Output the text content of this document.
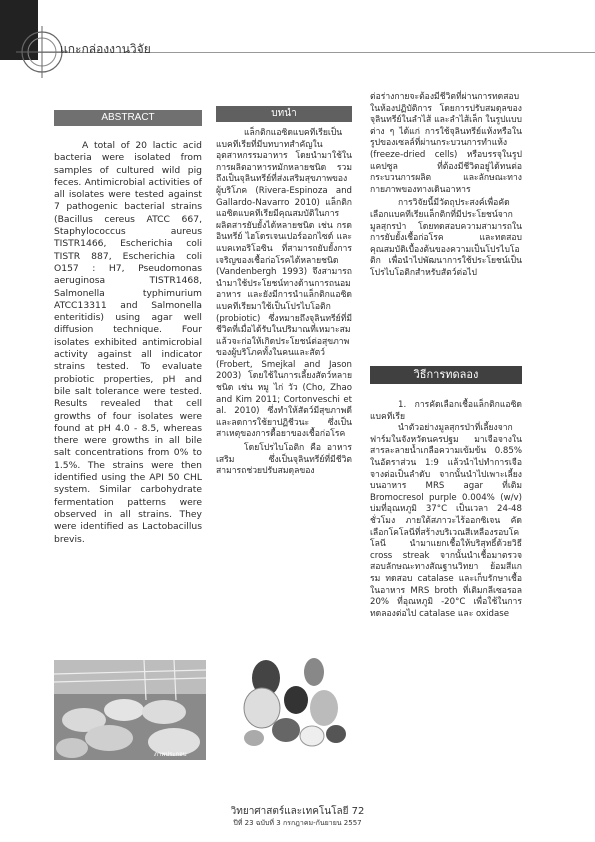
แกะกล่องงานวิจัย
ABSTRACT

A total of 20 lactic acid bacteria were isolated from samples of cultured wild pig feces. Antimicrobial activities of all isolates were tested against 7 pathogenic bacterial strains (Bacillus cereus ATCC 667, Staphylococcus aureus TISTR1466, Escherichia coli TISTR 887, Escherichia coli O157 : H7, Pseudomonas aeruginosa TISTR1468, Salmonella typhimurium ATCC13311 and Salmonella enteritidis) using agar well diffusion technique. Four isolates exhibited antimicrobial activity against all indicator strains tested. To evaluate probiotic properties, pH and bile salt tolerance were tested. Results revealed that cell growths of four isolates were found at pH 4.0 - 8.5, whereas there were growths in all bile salt concentrations from 0% to 1.5%. The strains were then identified using the API 50 CHL system. Similar carbohydrate fermentation patterns were observed in all strains. They were identified as Lactobacillus brevis.

บทนำ

แล็กติกแอซิดแบคทีเรียเป็นแบคทีเรียที่มีบทบาทสำคัญในอุตสาหกรรมอาหาร โดยนำมาใช้ในการผลิตอาหารหมักหลายชนิด รวมถึงเป็นจุลินทรีย์ที่ส่งเสริมสุขภาพของผู้บริโภค (Rivera-Espinoza and Gallardo-Navarro 2010) แล็กติกแอซิดแบคทีเรียมีคุณสมบัติในการผลิตสารยับยั้งได้หลายชนิด เช่น กรดอินทรีย์ ไฮโดรเจนเปอร์ออกไซด์ และแบคเทอริโอซิน ที่สามารถยับยั้งการเจริญของเชื้อก่อโรคได้หลายชนิด (Vandenbergh 1993) จึงสามารถนำมาใช้ประโยชน์ทางด้านการถนอมอาหาร และยังมีการนำแล็กติกแอซิดแบคทีเรียมาใช้เป็นโปรไบโอติก (probiotic) ซึ่งหมายถึงจุลินทรีย์ที่มีชีวิตที่เมื่อได้รับในปริมาณที่เหมาะสมแล้วจะก่อให้เกิดประโยชน์ต่อสุขภาพของผู้บริโภคทั้งในคนและสัตว์ (Frobert, Smejkal and Jason 2003) โดยใช้ในการเลี้ยงสัตว์หลายชนิด เช่น หมู ไก่ วัว (Cho, Zhao and Kim 2011; Cortonveschi et al. 2010) ซึ่งทำให้สัตว์มีสุขภาพดีและลดการใช้ยาปฏิชีวนะ ซึ่งเป็นสาเหตุของการดื้อยาของเชื้อก่อโรค

โดยโปรไบโอติก คือ อาหารเสริม ซึ่งเป็นจุลินทรีย์ที่มีชีวิต สามารถช่วยปรับสมดุลของ

ต่อร่างกายจะต้องมีชีวิตที่ผ่านการทดสอบในห้องปฏิบัติการ โดยการปรับสมดุลของจุลินทรีย์ในลำไส้ และลำไส้เล็ก ในรูปแบบต่าง ๆ ได้แก่ การใช้จุลินทรีย์แห้งหรือในรูปของเซลล์ที่ผ่านกระบวนการทำแห้ง (freeze-dried cells) หรือบรรจุในรูปแคปซูล ที่ต้องมีชีวิตอยู่ได้ทนต่อกระบวนการผลิต และลักษณะทางกายภาพของทางเดินอาหาร

การวิจัยนี้มีวัตถุประสงค์เพื่อคัดเลือกแบคทีเรียแล็กติกที่มีประโยชน์จากมูลสุกรป่า โดยทดสอบความสามารถในการยับยั้งเชื้อก่อโรค และทดสอบคุณสมบัติเบื้องต้นของความเป็นโปรไบโอติก เพื่อนำไปพัฒนาการใช้ประโยชน์เป็นโปรไบโอติกสำหรับสัตว์ต่อไป

วิธีการทดลอง

1. การคัดเลือกเชื้อแล็กติกแอซิดแบคทีเรีย

นำตัวอย่างมูลสุกรป่าที่เลี้ยงจากฟาร์มในจังหวัดนครปฐม มาเจือจางในสารละลายน้ำเกลือความเข้มข้น 0.85% ในอัตราส่วน 1:9 แล้วนำไปทำการเจือจางต่อเป็นลำดับ จากนั้นนำไปเพาะเลี้ยงบนอาหาร MRS agar ที่เติม Bromocresol purple 0.004% (w/v) บ่มที่อุณหภูมิ 37°C เป็นเวลา 24-48 ชั่วโมง ภายใต้สภาวะไร้ออกซิเจน คัดเลือกโคโลนีที่สร้างบริเวณสีเหลืองรอบโคโลนี นำมาแยกเชื้อให้บริสุทธิ์ด้วยวิธี cross streak จากนั้นนำเชื้อมาตรวจสอบลักษณะทางสัณฐานวิทยา ย้อมสีแกรม ทดสอบ catalase และเก็บรักษาเชื้อในอาหาร MRS broth ที่เติมกลีเซอรอล 20% ที่อุณหภูมิ -20°C เพื่อใช้ในการทดลองต่อไป catalase และ oxidase

ภาพประกอบ
วิทยาศาสตร์และเทคโนโลยี 72
ปีที่ 23 ฉบับที่ 3 กรกฎาคม-กันยายน 2557
